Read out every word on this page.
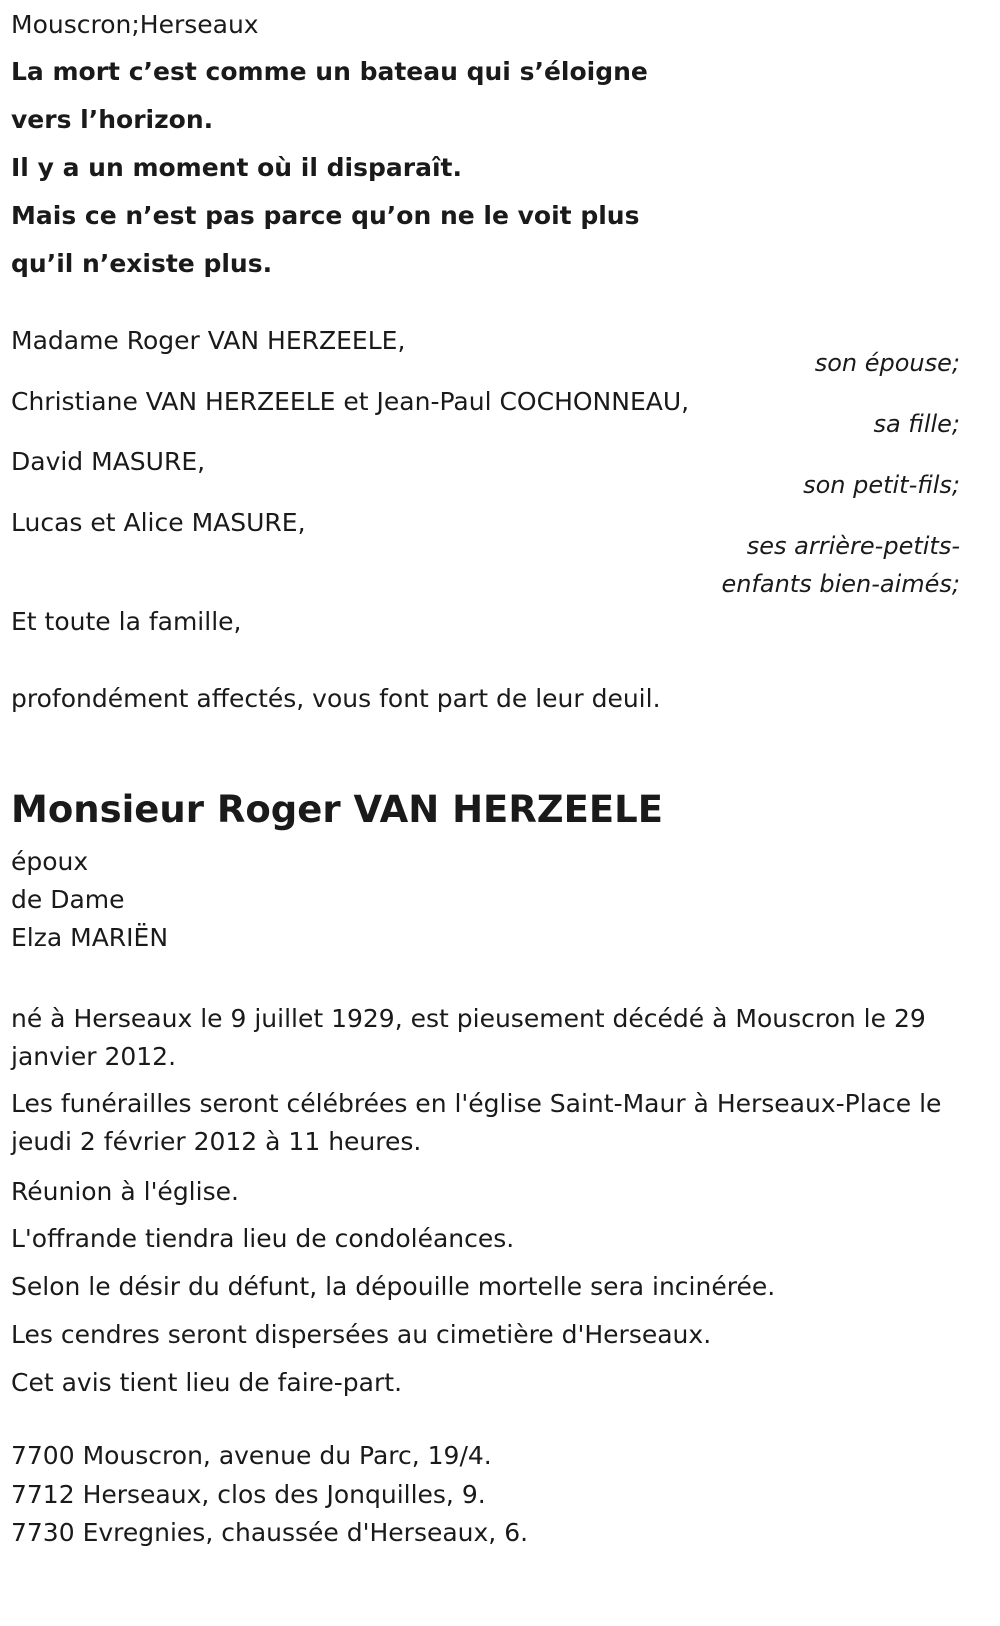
Mouscron;Herseaux
La mort c’est comme un bateau qui s’éloigne
vers l’horizon.
Il y a un moment où il disparaît.
Mais ce n’est pas parce qu’on ne le voit plus
qu’il n’existe plus.
Madame Roger VAN HERZEELE,
son épouse;
Christiane VAN HERZEELE et Jean-Paul COCHONNEAU,
sa fille;
David MASURE,
son petit-fils;
Lucas et Alice MASURE,
ses arrière-petits-
enfants bien-aimés;
Et toute la famille,
profondément affectés, vous font part de leur deuil.
Monsieur Roger VAN HERZEELE
époux
de Dame
Elza MARIËN
né à Herseaux le 9 juillet 1929, est pieusement décédé à Mouscron le 29 janvier 2012.
Les funérailles seront célébrées en l'église Saint-Maur à Herseaux-Place le jeudi 2 février 2012 à 11 heures.
Réunion à l'église.
L'offrande tiendra lieu de condoléances.
Selon le désir du défunt, la dépouille mortelle sera incinérée.
Les cendres seront dispersées au cimetière d'Herseaux.
Cet avis tient lieu de faire-part.
7700 Mouscron, avenue du Parc, 19/4.
7712 Herseaux, clos des Jonquilles, 9.
7730 Evregnies, chaussée d'Herseaux, 6.
